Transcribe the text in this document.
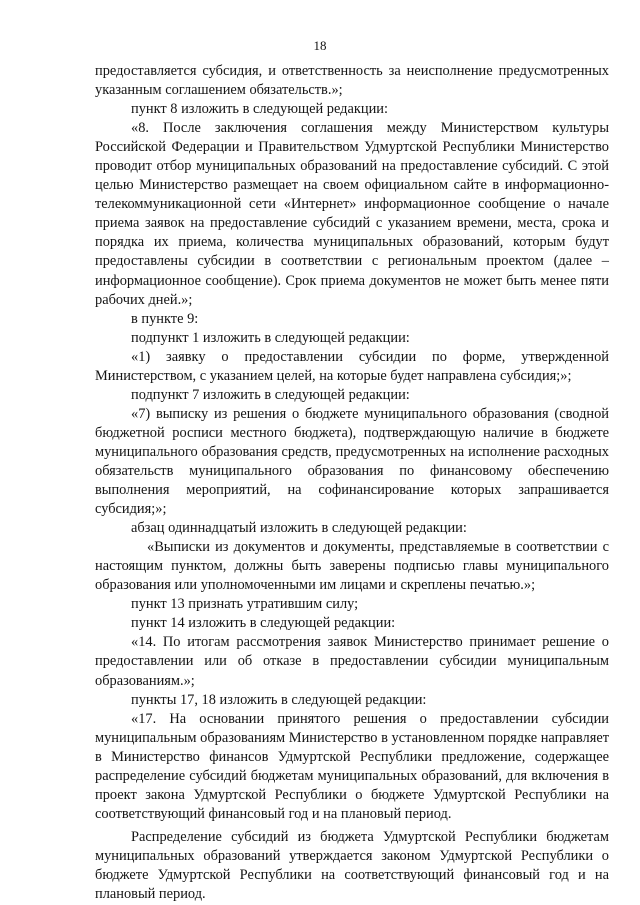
18

предоставляется субсидия, и ответственность за неисполнение предусмотренных указанным соглашением обязательств.»;

пункт 8 изложить в следующей редакции:

«8. После заключения соглашения между Министерством культуры Российской Федерации и Правительством Удмуртской Республики Министерство проводит отбор муниципальных образований на предоставление субсидий. С этой целью Министерство размещает на своем официальном сайте в информационно-телекоммуникационной сети «Интернет» информационное сообщение о начале приема заявок на предоставление субсидий с указанием времени, места, срока и порядка их приема, количества муниципальных образований, которым будут предоставлены субсидии в соответствии с региональным проектом (далее – информационное сообщение). Срок приема документов не может быть менее пяти рабочих дней.»;

в пункте 9:

подпункт 1 изложить в следующей редакции:

«1) заявку о предоставлении субсидии по форме, утвержденной Министерством, с указанием целей, на которые будет направлена субсидия;»;

подпункт 7 изложить в следующей редакции:

«7) выписку из решения о бюджете муниципального образования (сводной бюджетной росписи местного бюджета), подтверждающую наличие в бюджете муниципального образования средств, предусмотренных на исполнение расходных обязательств муниципального образования по финансовому обеспечению выполнения мероприятий, на софинансирование которых запрашивается субсидия;»;

абзац одиннадцатый изложить в следующей редакции:

«Выписки из документов и документы, представляемые в соответствии с настоящим пунктом, должны быть заверены подписью главы муниципального образования или уполномоченными им лицами и скреплены печатью.»;

пункт 13 признать утратившим силу;

пункт 14 изложить в следующей редакции:

«14. По итогам рассмотрения заявок Министерство принимает решение о предоставлении или об отказе в предоставлении субсидии муниципальным образованиям.»;

пункты 17, 18 изложить в следующей редакции:

«17. На основании принятого решения о предоставлении субсидии муниципальным образованиям Министерство в установленном порядке направляет в Министерство финансов Удмуртской Республики предложение, содержащее распределение субсидий бюджетам муниципальных образований, для включения в проект закона Удмуртской Республики о бюджете Удмуртской Республики на соответствующий финансовый год и на плановый период.

Распределение субсидий из бюджета Удмуртской Республики бюджетам муниципальных образований утверждается законом Удмуртской Республики о бюджете Удмуртской Республики на соответствующий финансовый год и на плановый период.
